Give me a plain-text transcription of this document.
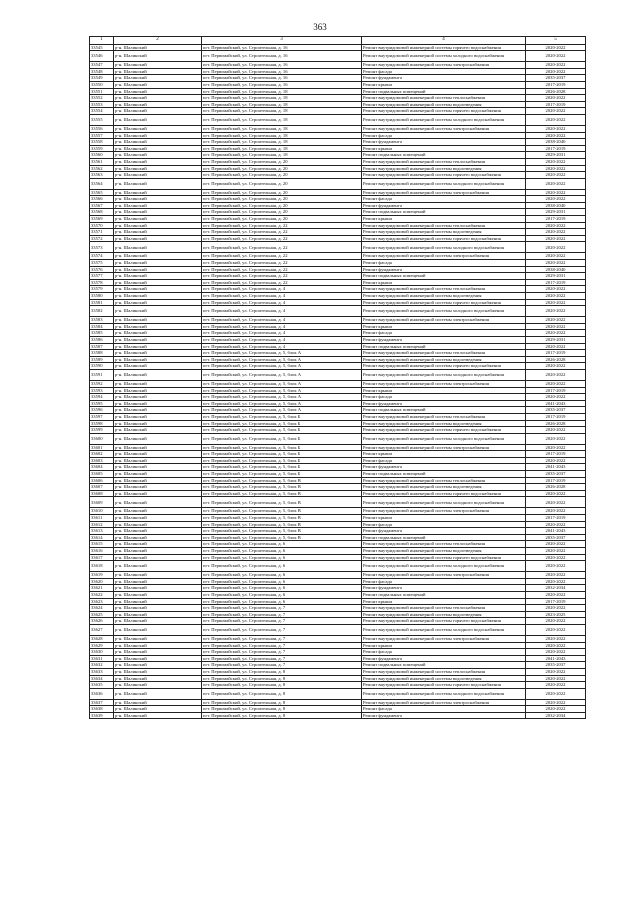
363
1	2	3	4	5
33545	р-н. Шалинский	пгт. Первомайский, ул. Строительная, д. 16	Ремонт внутридомовой инженерной системы горячего водоснабжения	2020-2022
33546	р-н. Шалинский	пгт. Первомайский, ул. Строительная, д. 16	Ремонт внутридомовой инженерной системы холодного водоснабжения	2020-2022
33547	р-н. Шалинский	пгт. Первомайский, ул. Строительная, д. 16	Ремонт внутридомовой инженерной системы электроснабжения	2020-2022
33548	р-н. Шалинский	пгт. Первомайский, ул. Строительная, д. 16	Ремонт фасада	2020-2022
33549	р-н. Шалинский	пгт. Первомайский, ул. Строительная, д. 16	Ремонт фундамента	2035-2037
33550	р-н. Шалинский	пгт. Первомайский, ул. Строительная, д. 16	Ремонт крыши	2017-2019
33551	р-н. Шалинский	пгт. Первомайский, ул. Строительная, д. 18	Ремонт подвальных помещений	2026-2028
33552	р-н. Шалинский	пгт. Первомайский, ул. Строительная, д. 18	Ремонт внутридомовой инженерной системы теплоснабжения	2020-2022
33553	р-н. Шалинский	пгт. Первомайский, ул. Строительная, д. 18	Ремонт внутридомовой инженерной системы водоотведения	2017-2019
33554	р-н. Шалинский	пгт. Первомайский, ул. Строительная, д. 18	Ремонт внутридомовой инженерной системы горячего водоснабжения	2020-2022
33555	р-н. Шалинский	пгт. Первомайский, ул. Строительная, д. 18	Ремонт внутридомовой инженерной системы холодного водоснабжения	2020-2022
33556	р-н. Шалинский	пгт. Первомайский, ул. Строительная, д. 18	Ремонт внутридомовой инженерной системы электроснабжения	2020-2022
33557	р-н. Шалинский	пгт. Первомайский, ул. Строительная, д. 18	Ремонт фасада	2020-2022
33558	р-н. Шалинский	пгт. Первомайский, ул. Строительная, д. 18	Ремонт фундамента	2038-2040
33559	р-н. Шалинский	пгт. Первомайский, ул. Строительная, д. 18	Ремонт крыши	2017-2019
33560	р-н. Шалинский	пгт. Первомайский, ул. Строительная, д. 18	Ремонт подвальных помещений	2029-2031
33561	р-н. Шалинский	пгт. Первомайский, ул. Строительная, д. 20	Ремонт внутридомовой инженерной системы теплоснабжения	2020-2022
33562	р-н. Шалинский	пгт. Первомайский, ул. Строительная, д. 20	Ремонт внутридомовой инженерной системы водоотведения	2020-2022
33563	р-н. Шалинский	пгт. Первомайский, ул. Строительная, д. 20	Ремонт внутридомовой инженерной системы горячего водоснабжения	2020-2022
33564	р-н. Шалинский	пгт. Первомайский, ул. Строительная, д. 20	Ремонт внутридомовой инженерной системы холодного водоснабжения	2020-2022
33565	р-н. Шалинский	пгт. Первомайский, ул. Строительная, д. 20	Ремонт внутридомовой инженерной системы электроснабжения	2020-2022
33566	р-н. Шалинский	пгт. Первомайский, ул. Строительная, д. 20	Ремонт фасада	2020-2022
33567	р-н. Шалинский	пгт. Первомайский, ул. Строительная, д. 20	Ремонт фундамента	2038-2040
33568	р-н. Шалинский	пгт. Первомайский, ул. Строительная, д. 20	Ремонт подвальных помещений	2029-2031
33569	р-н. Шалинский	пгт. Первомайский, ул. Строительная, д. 20	Ремонт крыши	2017-2019
33570	р-н. Шалинский	пгт. Первомайский, ул. Строительная, д. 22	Ремонт внутридомовой инженерной системы теплоснабжения	2020-2022
33571	р-н. Шалинский	пгт. Первомайский, ул. Строительная, д. 22	Ремонт внутридомовой инженерной системы водоотведения	2020-2022
33572	р-н. Шалинский	пгт. Первомайский, ул. Строительная, д. 22	Ремонт внутридомовой инженерной системы горячего водоснабжения	2020-2022
33573	р-н. Шалинский	пгт. Первомайский, ул. Строительная, д. 22	Ремонт внутридомовой инженерной системы холодного водоснабжения	2020-2022
33574	р-н. Шалинский	пгт. Первомайский, ул. Строительная, д. 22	Ремонт внутридомовой инженерной системы электроснабжения	2020-2022
33575	р-н. Шалинский	пгт. Первомайский, ул. Строительная, д. 22	Ремонт фасада	2020-2022
33576	р-н. Шалинский	пгт. Первомайский, ул. Строительная, д. 22	Ремонт фундамента	2038-2040
33577	р-н. Шалинский	пгт. Первомайский, ул. Строительная, д. 22	Ремонт подвальных помещений	2029-2031
33578	р-н. Шалинский	пгт. Первомайский, ул. Строительная, д. 22	Ремонт крыши	2017-2019
33579	р-н. Шалинский	пгт. Первомайский, ул. Строительная, д. 4	Ремонт внутридомовой инженерной системы теплоснабжения	2020-2022
33580	р-н. Шалинский	пгт. Первомайский, ул. Строительная, д. 4	Ремонт внутридомовой инженерной системы водоотведения	2020-2022
33581	р-н. Шалинский	пгт. Первомайский, ул. Строительная, д. 4	Ремонт внутридомовой инженерной системы горячего водоснабжения	2020-2022
33582	р-н. Шалинский	пгт. Первомайский, ул. Строительная, д. 4	Ремонт внутридомовой инженерной системы холодного водоснабжения	2020-2022
33583	р-н. Шалинский	пгт. Первомайский, ул. Строительная, д. 4	Ремонт внутридомовой инженерной системы электроснабжения	2020-2022
33584	р-н. Шалинский	пгт. Первомайский, ул. Строительная, д. 4	Ремонт крыши	2020-2022
33585	р-н. Шалинский	пгт. Первомайский, ул. Строительная, д. 4	Ремонт фасада	2020-2022
33586	р-н. Шалинский	пгт. Первомайский, ул. Строительная, д. 4	Ремонт фундамента	2029-2031
33587	р-н. Шалинский	пгт. Первомайский, ул. Строительная, д. 4	Ремонт подвальных помещений	2020-2022
33588	р-н. Шалинский	пгт. Первомайский, ул. Строительная, д. 5, блок А	Ремонт внутридомовой инженерной системы теплоснабжения	2017-2019
33589	р-н. Шалинский	пгт. Первомайский, ул. Строительная, д. 5, блок А	Ремонт внутридомовой инженерной системы водоотведения	2026-2028
33590	р-н. Шалинский	пгт. Первомайский, ул. Строительная, д. 5, блок А	Ремонт внутридомовой инженерной системы горячего водоснабжения	2020-2022
33591	р-н. Шалинский	пгт. Первомайский, ул. Строительная, д. 5, блок А	Ремонт внутридомовой инженерной системы холодного водоснабжения	2020-2022
33592	р-н. Шалинский	пгт. Первомайский, ул. Строительная, д. 5, блок А	Ремонт внутридомовой инженерной системы электроснабжения	2020-2022
33593	р-н. Шалинский	пгт. Первомайский, ул. Строительная, д. 5, блок А	Ремонт крыши	2017-2019
33594	р-н. Шалинский	пгт. Первомайский, ул. Строительная, д. 5, блок А	Ремонт фасада	2020-2022
33595	р-н. Шалинский	пгт. Первомайский, ул. Строительная, д. 5, блок А	Ремонт фундамента	2041-2043
33596	р-н. Шалинский	пгт. Первомайский, ул. Строительная, д. 5, блок А	Ремонт подвальных помещений	2035-2037
33597	р-н. Шалинский	пгт. Первомайский, ул. Строительная, д. 5, блок Б	Ремонт внутридомовой инженерной системы теплоснабжения	2017-2019
33598	р-н. Шалинский	пгт. Первомайский, ул. Строительная, д. 5, блок Б	Ремонт внутридомовой инженерной системы водоотведения	2026-2028
33599	р-н. Шалинский	пгт. Первомайский, ул. Строительная, д. 5, блок Б	Ремонт внутридомовой инженерной системы горячего водоснабжения	2020-2022
33600	р-н. Шалинский	пгт. Первомайский, ул. Строительная, д. 5, блок Б	Ремонт внутридомовой инженерной системы холодного водоснабжения	2020-2022
33601	р-н. Шалинский	пгт. Первомайский, ул. Строительная, д. 5, блок Б	Ремонт внутридомовой инженерной системы электроснабжения	2020-2022
33602	р-н. Шалинский	пгт. Первомайский, ул. Строительная, д. 5, блок Б	Ремонт крыши	2017-2019
33603	р-н. Шалинский	пгт. Первомайский, ул. Строительная, д. 5, блок Б	Ремонт фасада	2020-2022
33604	р-н. Шалинский	пгт. Первомайский, ул. Строительная, д. 5, блок Б	Ремонт фундамента	2041-2043
33605	р-н. Шалинский	пгт. Первомайский, ул. Строительная, д. 5, блок Б	Ремонт подвальных помещений	2035-2037
33606	р-н. Шалинский	пгт. Первомайский, ул. Строительная, д. 5, блок В	Ремонт внутридомовой инженерной системы теплоснабжения	2017-2019
33607	р-н. Шалинский	пгт. Первомайский, ул. Строительная, д. 5, блок В	Ремонт внутридомовой инженерной системы водоотведения	2026-2028
33608	р-н. Шалинский	пгт. Первомайский, ул. Строительная, д. 5, блок В	Ремонт внутридомовой инженерной системы горячего водоснабжения	2020-2022
33609	р-н. Шалинский	пгт. Первомайский, ул. Строительная, д. 5, блок В	Ремонт внутридомовой инженерной системы холодного водоснабжения	2020-2022
33610	р-н. Шалинский	пгт. Первомайский, ул. Строительная, д. 5, блок В	Ремонт внутридомовой инженерной системы электроснабжения	2020-2022
33611	р-н. Шалинский	пгт. Первомайский, ул. Строительная, д. 5, блок В	Ремонт крыши	2017-2019
33612	р-н. Шалинский	пгт. Первомайский, ул. Строительная, д. 5, блок В	Ремонт фасада	2020-2022
33613	р-н. Шалинский	пгт. Первомайский, ул. Строительная, д. 5, блок В	Ремонт фундамента	2041-2043
33614	р-н. Шалинский	пгт. Первомайский, ул. Строительная, д. 5, блок В	Ремонт подвальных помещений	2035-2037
33615	р-н. Шалинский	пгт. Первомайский, ул. Строительная, д. 6	Ремонт внутридомовой инженерной системы теплоснабжения	2020-2022
33616	р-н. Шалинский	пгт. Первомайский, ул. Строительная, д. 6	Ремонт внутридомовой инженерной системы водоотведения	2020-2022
33617	р-н. Шалинский	пгт. Первомайский, ул. Строительная, д. 6	Ремонт внутридомовой инженерной системы горячего водоснабжения	2020-2022
33618	р-н. Шалинский	пгт. Первомайский, ул. Строительная, д. 6	Ремонт внутридомовой инженерной системы холодного водоснабжения	2020-2022
33619	р-н. Шалинский	пгт. Первомайский, ул. Строительная, д. 6	Ремонт внутридомовой инженерной системы электроснабжения	2020-2022
33620	р-н. Шалинский	пгт. Первомайский, ул. Строительная, д. 6	Ремонт фасада	2020-2022
33621	р-н. Шалинский	пгт. Первомайский, ул. Строительная, д. 6	Ремонт фундамента	2032-2034
33622	р-н. Шалинский	пгт. Первомайский, ул. Строительная, д. 6	Ремонт подвальных помещений	2020-2022
33623	р-н. Шалинский	пгт. Первомайский, ул. Строительная, д. 6	Ремонт крыши	2017-2019
33624	р-н. Шалинский	пгт. Первомайский, ул. Строительная, д. 7	Ремонт внутридомовой инженерной системы теплоснабжения	2020-2022
33625	р-н. Шалинский	пгт. Первомайский, ул. Строительная, д. 7	Ремонт внутридомовой инженерной системы водоотведения	2023-2025
33626	р-н. Шалинский	пгт. Первомайский, ул. Строительная, д. 7	Ремонт внутридомовой инженерной системы горячего водоснабжения	2020-2022
33627	р-н. Шалинский	пгт. Первомайский, ул. Строительная, д. 7	Ремонт внутридомовой инженерной системы холодного водоснабжения	2020-2022
33628	р-н. Шалинский	пгт. Первомайский, ул. Строительная, д. 7	Ремонт внутридомовой инженерной системы электроснабжения	2020-2022
33629	р-н. Шалинский	пгт. Первомайский, ул. Строительная, д. 7	Ремонт крыши	2020-2022
33630	р-н. Шалинский	пгт. Первомайский, ул. Строительная, д. 7	Ремонт фасада	2020-2022
33631	р-н. Шалинский	пгт. Первомайский, ул. Строительная, д. 7	Ремонт фундамента	2041-2043
33632	р-н. Шалинский	пгт. Первомайский, ул. Строительная, д. 7	Ремонт подвальных помещений	2035-2037
33633	р-н. Шалинский	пгт. Первомайский, ул. Строительная, д. 8	Ремонт внутридомовой инженерной системы теплоснабжения	2020-2022
33634	р-н. Шалинский	пгт. Первомайский, ул. Строительная, д. 8	Ремонт внутридомовой инженерной системы водоотведения	2020-2022
33635	р-н. Шалинский	пгт. Первомайский, ул. Строительная, д. 8	Ремонт внутридомовой инженерной системы горячего водоснабжения	2020-2022
33636	р-н. Шалинский	пгт. Первомайский, ул. Строительная, д. 8	Ремонт внутридомовой инженерной системы холодного водоснабжения	2020-2022
33637	р-н. Шалинский	пгт. Первомайский, ул. Строительная, д. 8	Ремонт внутридомовой инженерной системы электроснабжения	2020-2022
33638	р-н. Шалинский	пгт. Первомайский, ул. Строительная, д. 8	Ремонт фасада	2020-2022
33639	р-н. Шалинский	пгт. Первомайский, ул. Строительная, д. 8	Ремонт фундамента	2032-2034
